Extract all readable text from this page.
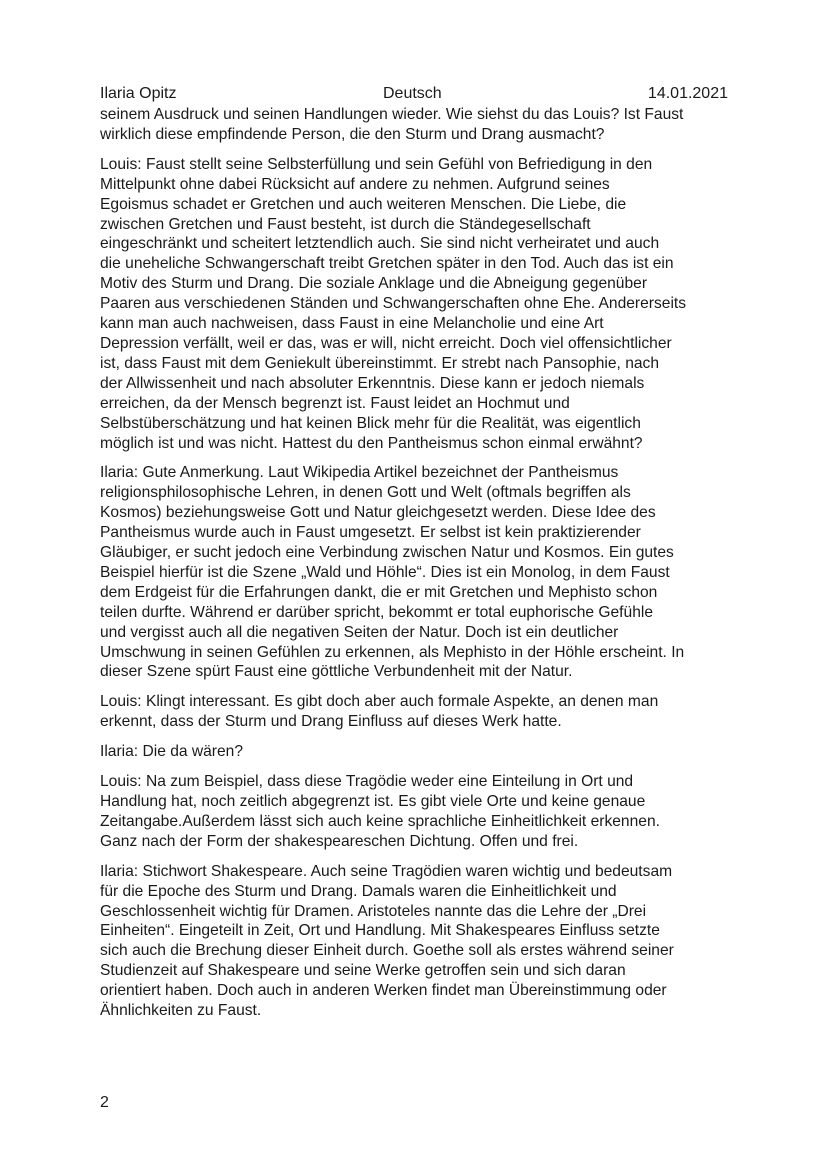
Ilaria Opitz	Deutsch	14.01.2021

seinem Ausdruck und seinen Handlungen wieder. Wie siehst du das Louis? Ist Faust
wirklich diese empfindende Person, die den Sturm und Drang ausmacht?

Louis: Faust stellt seine Selbsterfüllung und sein Gefühl von Befriedigung in den
Mittelpunkt ohne dabei Rücksicht auf andere zu nehmen. Aufgrund seines
Egoismus schadet er Gretchen und auch weiteren Menschen. Die Liebe, die
zwischen Gretchen und Faust besteht, ist durch die Ständegesellschaft
eingeschränkt und scheitert letztendlich auch. Sie sind nicht verheiratet und auch
die uneheliche Schwangerschaft treibt Gretchen später in den Tod. Auch das ist ein
Motiv des Sturm und Drang. Die soziale Anklage und die Abneigung gegenüber
Paaren aus verschiedenen Ständen und Schwangerschaften ohne Ehe. Andererseits
kann man auch nachweisen, dass Faust in eine Melancholie und eine Art
Depression verfällt, weil er das, was er will, nicht erreicht. Doch viel offensichtlicher
ist, dass Faust mit dem Geniekult übereinstimmt. Er strebt nach Pansophie, nach
der Allwissenheit und nach absoluter Erkenntnis. Diese kann er jedoch niemals
erreichen, da der Mensch begrenzt ist. Faust leidet an Hochmut und
Selbstüberschätzung und hat keinen Blick mehr für die Realität, was eigentlich
möglich ist und was nicht. Hattest du den Pantheismus schon einmal erwähnt?

Ilaria: Gute Anmerkung. Laut Wikipedia Artikel bezeichnet der Pantheismus
religionsphilosophische Lehren, in denen Gott und Welt (oftmals begriffen als
Kosmos) beziehungsweise Gott und Natur gleichgesetzt werden. Diese Idee des
Pantheismus wurde auch in Faust umgesetzt. Er selbst ist kein praktizierender
Gläubiger, er sucht jedoch eine Verbindung zwischen Natur und Kosmos. Ein gutes
Beispiel hierfür ist die Szene „Wald und Höhle“. Dies ist ein Monolog, in dem Faust
dem Erdgeist für die Erfahrungen dankt, die er mit Gretchen und Mephisto schon
teilen durfte. Während er darüber spricht, bekommt er total euphorische Gefühle
und vergisst auch all die negativen Seiten der Natur. Doch ist ein deutlicher
Umschwung in seinen Gefühlen zu erkennen, als Mephisto in der Höhle erscheint. In
dieser Szene spürt Faust eine göttliche Verbundenheit mit der Natur.

Louis: Klingt interessant. Es gibt doch aber auch formale Aspekte, an denen man
erkennt, dass der Sturm und Drang Einfluss auf dieses Werk hatte.

Ilaria: Die da wären?

Louis: Na zum Beispiel, dass diese Tragödie weder eine Einteilung in Ort und
Handlung hat, noch zeitlich abgegrenzt ist. Es gibt viele Orte und keine genaue
Zeitangabe.Außerdem lässt sich auch keine sprachliche Einheitlichkeit erkennen.
Ganz nach der Form der shakespeareschen Dichtung. Offen und frei.

Ilaria: Stichwort Shakespeare. Auch seine Tragödien waren wichtig und bedeutsam
für die Epoche des Sturm und Drang. Damals waren die Einheitlichkeit und
Geschlossenheit wichtig für Dramen. Aristoteles nannte das die Lehre der „Drei
Einheiten“. Eingeteilt in Zeit, Ort und Handlung. Mit Shakespeares Einfluss setzte
sich auch die Brechung dieser Einheit durch. Goethe soll als erstes während seiner
Studienzeit auf Shakespeare und seine Werke getroffen sein und sich daran
orientiert haben. Doch auch in anderen Werken findet man Übereinstimmung oder
Ähnlichkeiten zu Faust.

2
